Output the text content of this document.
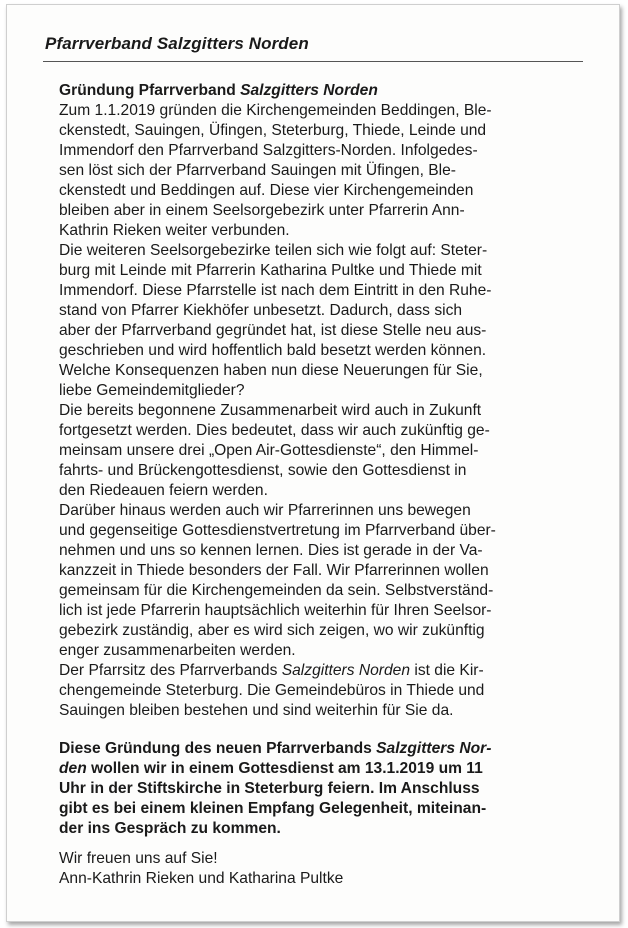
Pfarrverband Salzgitters Norden
Gründung Pfarrverband Salzgitters Norden
Zum 1.1.2019 gründen die Kirchengemeinden Beddingen, Ble-
ckenstedt, Sauingen, Üfingen, Steterburg, Thiede, Leinde und
Immendorf den Pfarrverband Salzgitters-Norden. Infolgedes-
sen löst sich der Pfarrverband Sauingen mit Üfingen, Ble-
ckenstedt und Beddingen auf. Diese vier Kirchengemeinden
bleiben aber in einem Seelsorgebezirk unter Pfarrerin Ann-
Kathrin Rieken weiter verbunden.
Die weiteren Seelsorgebezirke teilen sich wie folgt auf: Steter-
burg mit Leinde mit Pfarrerin Katharina Pultke und Thiede mit
Immendorf. Diese Pfarrstelle ist nach dem Eintritt in den Ruhe-
stand von Pfarrer Kiekhöfer unbesetzt. Dadurch, dass sich
aber der Pfarrverband gegründet hat, ist diese Stelle neu aus-
geschrieben und wird hoffentlich bald besetzt werden können.
Welche Konsequenzen haben nun diese Neuerungen für Sie,
liebe Gemeindemitglieder?
Die bereits begonnene Zusammenarbeit wird auch in Zukunft
fortgesetzt werden. Dies bedeutet, dass wir auch zukünftig ge-
meinsam unsere drei „Open Air-Gottesdienste“, den Himmel-
fahrts- und Brückengottesdienst, sowie den Gottesdienst in
den Riedeauen feiern werden.
Darüber hinaus werden auch wir Pfarrerinnen uns bewegen
und gegenseitige Gottesdienstvertretung im Pfarrverband über-
nehmen und uns so kennen lernen. Dies ist gerade in der Va-
kanzzeit in Thiede besonders der Fall. Wir Pfarrerinnen wollen
gemeinsam für die Kirchengemeinden da sein. Selbstverständ-
lich ist jede Pfarrerin hauptsächlich weiterhin für Ihren Seelsor-
gebezirk zuständig, aber es wird sich zeigen, wo wir zukünftig
enger zusammenarbeiten werden.
Der Pfarrsitz des Pfarrverbands Salzgitters Norden ist die Kir-
chengemeinde Steterburg. Die Gemeindebüros in Thiede und
Sauingen bleiben bestehen und sind weiterhin für Sie da.
Diese Gründung des neuen Pfarrverbands Salzgitters Nor-
den wollen wir in einem Gottesdienst am 13.1.2019 um 11
Uhr in der Stiftskirche in Steterburg feiern. Im Anschluss
gibt es bei einem kleinen Empfang Gelegenheit, miteinan-
der ins Gespräch zu kommen.
Wir freuen uns auf Sie!
Ann-Kathrin Rieken und Katharina Pultke
